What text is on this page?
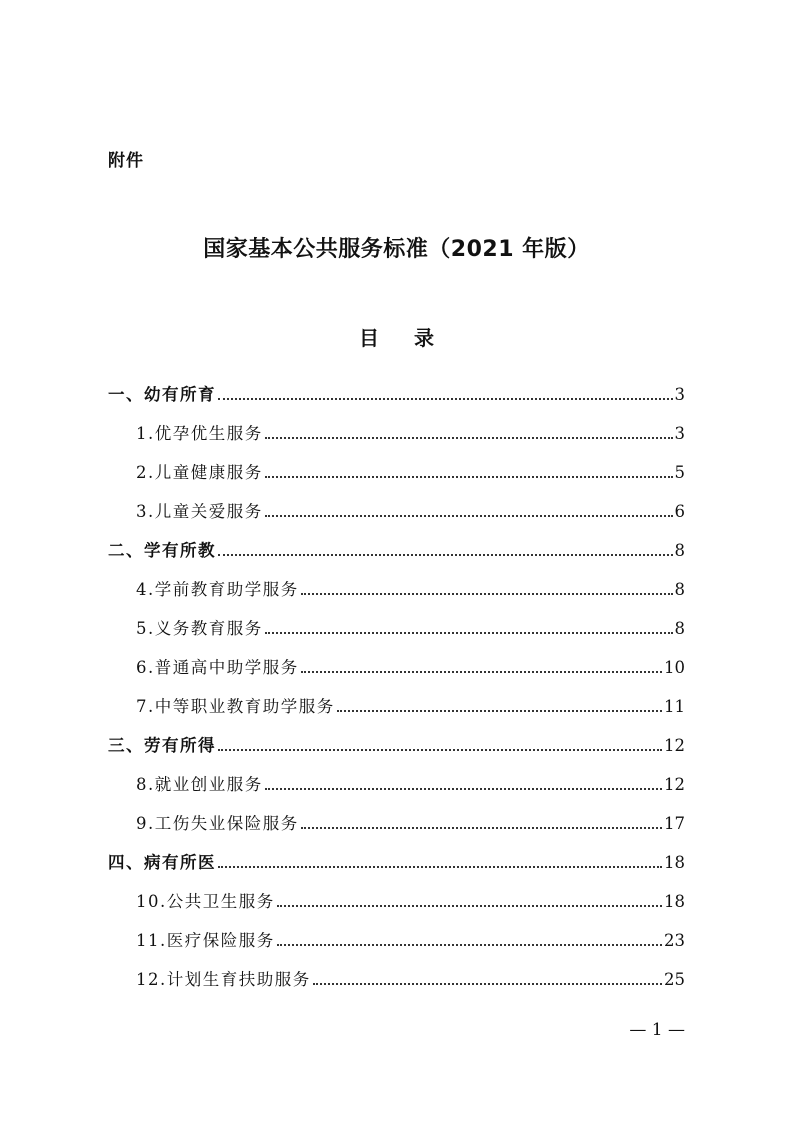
附件
国家基本公共服务标准（2021 年版）
目 录
一、幼有所育	3
1.优孕优生服务	3
2.儿童健康服务	5
3.儿童关爱服务	6
二、学有所教	8
4.学前教育助学服务	8
5.义务教育服务	8
6.普通高中助学服务	10
7.中等职业教育助学服务	11
三、劳有所得	12
8.就业创业服务	12
9.工伤失业保险服务	17
四、病有所医	18
10.公共卫生服务	18
11.医疗保险服务	23
12.计划生育扶助服务	25
— 1 —
